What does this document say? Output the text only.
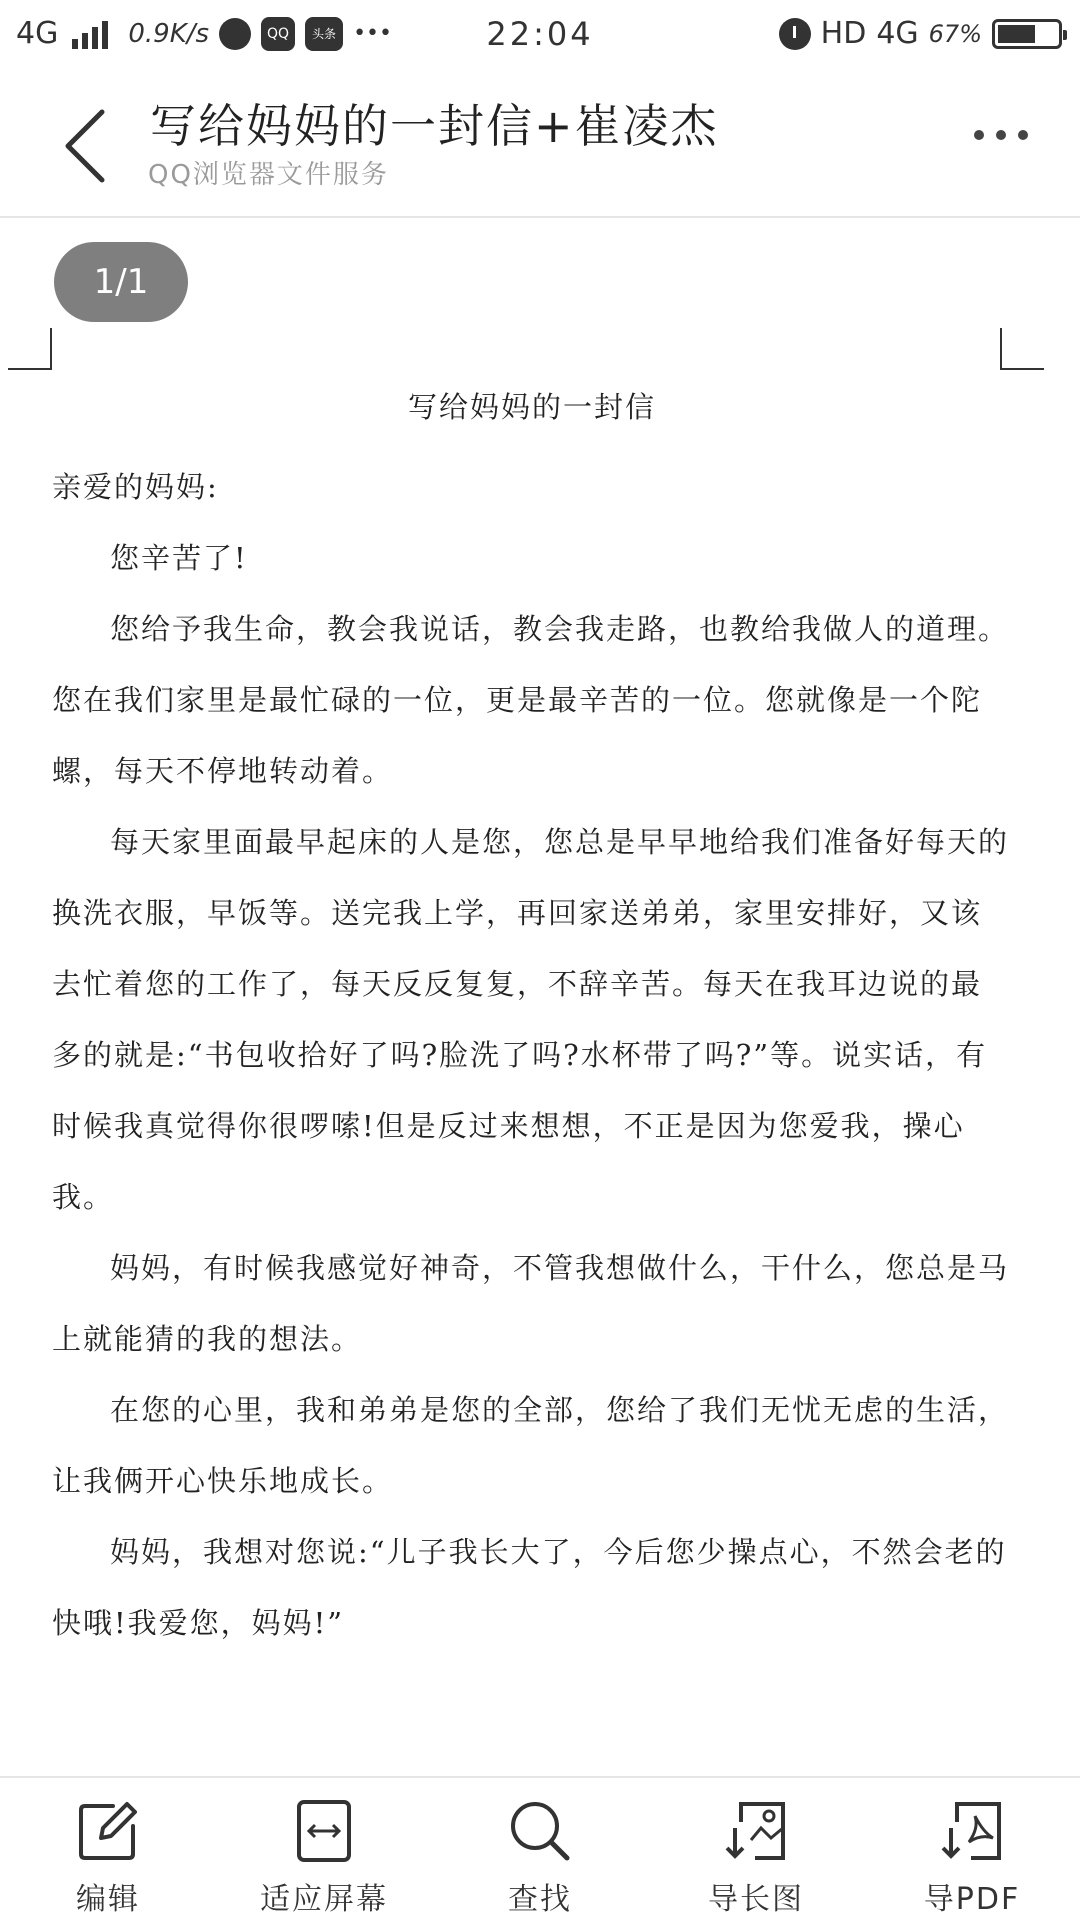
4G	0.9K/s	QQ	头条 •••	22:04	HD 4G 67%
写给妈妈的一封信+崔凌杰
QQ浏览器文件服务
1/1
写给妈妈的一封信

亲爱的妈妈:

您辛苦了!

您给予我生命，教会我说话，教会我走路，也教给我做人的道理。您在我们家里是最忙碌的一位，更是最辛苦的一位。您就像是一个陀螺，每天不停地转动着。

每天家里面最早起床的人是您，您总是早早地给我们准备好每天的换洗衣服，早饭等。送完我上学，再回家送弟弟，家里安排好，又该去忙着您的工作了，每天反反复复，不辞辛苦。每天在我耳边说的最多的就是:“书包收拾好了吗?脸洗了吗?水杯带了吗?”等。说实话，有时候我真觉得你很啰嗦!但是反过来想想，不正是因为您爱我，操心我。

妈妈，有时候我感觉好神奇，不管我想做什么，干什么，您总是马上就能猜的我的想法。

在您的心里，我和弟弟是您的全部，您给了我们无忧无虑的生活，让我俩开心快乐地成长。

妈妈，我想对您说:“儿子我长大了，今后您少操点心，不然会老的快哦!我爱您，妈妈!”

编辑	适应屏幕	查找	导长图	导PDF
